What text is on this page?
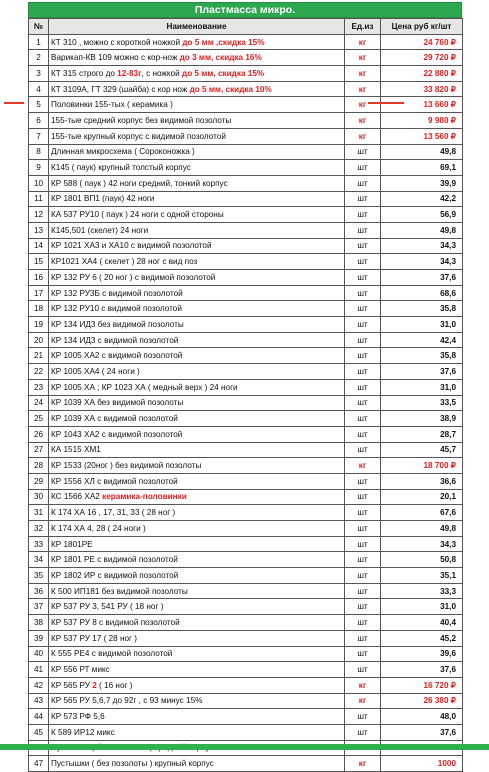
Пластмасса микро.
№	Наименование	Ед.из	Цена руб кг/шт
1	КТ 310 , можно с короткой ножкой до 5 мм ,скидка 15%	кг	24 760 ₽
2	Варикап-КВ 109 можно с кор-нож до 3 мм, скидка 16%	кг	29 720 ₽
3	КТ 315 строго до 12-83г, с ножкой до 5 мм, скидка 15%	кг	22 880 ₽
4	КТ 3109А, ГТ 329 (шайба) с кор нож до 5 мм, скидка 10%	кг	33 820 ₽
5	Половинки 155-тых ( керамика )	кг	13 660 ₽
6	155-тые средний корпус без видимой позолоты	кг	9 980 ₽
7	155-тые крупный корпус с видимой позолотой	кг	13 560 ₽
8	Длинная микросхема ( Сороконожка )	шт	49,8
9	К145 ( паук) крупный толстый корпус	шт	69,1
10	КР 588 ( паук ) 42 ноги средний, тонкий корпус	шт	39,9
11	КР 1801 ВП1 (паук) 42 ноги	шт	42,2
12	КА 537 РУ10 ( паук ) 24 ноги с одной стороны	шт	56,9
13	К145,501 (скелет) 24 ноги	шт	49,8
14	КР 1021 ХА3 и ХА10 с видимой позолотой	шт	34,3
15	КР1021 ХА4 ( скелет ) 28 ног с вид поз	шт	34,3
16	КР 132 РУ 6 ( 20 ног ) с видимой позолотой	шт	37,6
17	КР 132 РУ3Б с видимой позолотой	шт	68,6
18	КР 132 РУ10 с видимой позолотой	шт	35,8
19	КР 134 ИД3 без видимой позолоты	шт	31,0
20	КР 134 ИД3 с видимой позолотой	шт	42,4
21	КР 1005 ХА2 с видимой позолотой	шт	35,8
22	КР 1005 ХА4 ( 24 ноги )	шт	37,6
23	КР 1005 ХА ; КР 1023 ХА ( медный верх ) 24 ноги	шт	31,0
24	КР 1039 ХА без видимой позолоты	шт	33,5
25	КР 1039 ХА с видимой позолотой	шт	38,9
26	КР 1043 ХА2 с видимой позолотой	шт	28,7
27	КА 1515 ХМ1	шт	45,7
28	КР 1533 (20ног ) без видимой позолоты	кг	18 700 ₽
29	КР 1556 ХЛ с видимой позолотой	шт	36,6
30	КС 1566 ХА2 керамика-половинки	шт	20,1
31	К 174 ХА 16 , 17, 31, 33 ( 28 ног )	шт	67,6
32	К 174 ХА 4, 28 ( 24 ноги )	шт	49,8
33	КР 1801РЕ	шт	34,3
34	КР 1801 РЕ с видимой позолотой	шт	50,8
35	КР 1802 ИР с видимой позолотой	шт	35,1
36	К 500 ИП181 без видимой позолоты	шт	33,3
37	КР 537 РУ 3, 541 РУ ( 18 ног )	шт	31,0
38	КР 537 РУ 8 с видимой позолотой	шт	40,4
39	КР 537 РУ 17 ( 28 ног )	шт	45,2
40	К 555 РЕ4 с видимой позолотой	шт	39,6
41	КР 556 РТ микс	шт	37,6
42	КР 565 РУ 2 ( 16 ног )	кг	16 720 ₽
43	КР 565 РУ 5,6,7 до 92г , с 93 минус 15%	кг	26 380 ₽
44	КР 573 РФ 5,6	шт	48,0
45	К 589 ИР12 микс	шт	37,6

47	Пустышки ( без позолоты ) крупный корпус	кг	1000
